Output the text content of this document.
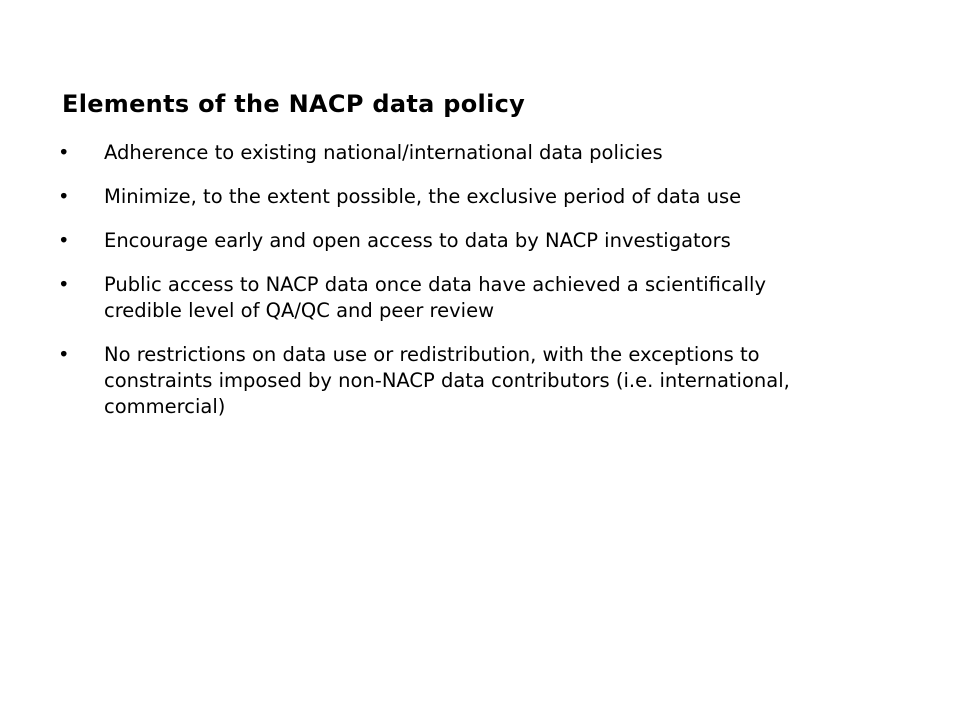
Elements of the NACP data policy
•	Adherence to existing national/international data policies
•	Minimize, to the extent possible, the exclusive period of data use
•	Encourage early and open access to data by NACP investigators
•	Public access to NACP data once data have achieved a scientifically credible level of QA/QC and peer review
•	No restrictions on data use or redistribution, with the exceptions to constraints imposed by non-NACP data contributors (i.e. international, commercial)
